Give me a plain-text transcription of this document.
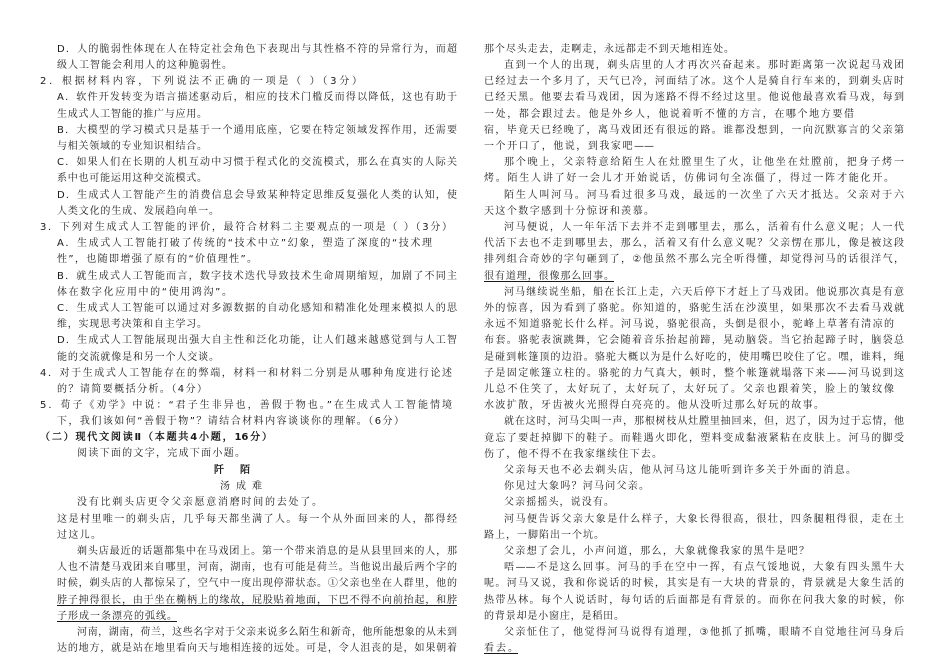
D．人的脆弱性体现在人在特定社会角色下表现出与其性格不符的异常行为，而超
级人工智能会利用人的这种脆弱性。
2．根据材料内容，下列说法不正确的一项是（ ）（3分）
A．软件开发转变为语言描述驱动后，相应的技术门槛反而得以降低，这也有助于
生成式人工智能的推广与应用。
B．大模型的学习模式只是基于一个通用底座，它要在特定领域发挥作用，还需要
与相关领域的专业知识相结合。
C．如果人们在长期的人机互动中习惯于程式化的交流模式，那么在真实的人际关
系中也可能运用这种交流模式。
D．生成式人工智能产生的消费信息会导致某种特定思维反复强化人类的认知，使
人类文化的生成、发展趋向单一。
3．下列对生成式人工智能的评价，最符合材料二主要观点的一项是（ ）（3分）
A．生成式人工智能打破了传统的“技术中立”幻象，塑造了深度的“技术理
性”，也随即增强了原有的“价值理性”。
B．就生成式人工智能而言，数字技术迭代导致技术生命周期缩短，加剧了不同主
体在数字化应用中的“使用鸿沟”。
C．生成式人工智能可以通过对多源数据的自动化感知和精准化处理来模拟人的思
维，实现思考决策和自主学习。
D．生成式人工智能展现出强大自主性和泛化功能，让人们越来越感觉到与人工智
能的交流就像是和另一个人交谈。
4．对于生成式人工智能存在的弊端，材料一和材料二分别是从哪种角度进行论述
的？请简要概括分析。（4分）
5．荀子《劝学》中说：“君子生非异也，善假于物也。”在生成式人工智能情境
下，我们该如何“善假于物”？请结合材料内容谈谈你的理解。（6分）
（二）现代文阅读Ⅱ（本题共4小题，16分）
阅读下面的文字，完成下面小题。
阡陌
汤成难
没有比剃头店更令父亲愿意消磨时间的去处了。
这是村里唯一的剃头店，几乎每天都坐满了人。每一个从外面回来的人，都得经
过这儿。
剃头店最近的话题都集中在马戏团上。第一个带来消息的是从县里回来的人，那
人也不清楚马戏团来自哪里，河南，湖南，也有可能是荷兰。当他说出最后两个字的
时候，剃头店的人都惊呆了，空气中一度出现停滞状态。①父亲也坐在人群里，他的
脖子抻得很长，由于坐在椭柄上的缘故，屁股贴着地面，下巴不得不向前抬起，和脖
子形成一条漂亮的弧线。
河南，湖南，荷兰，这些名字对于父亲来说多么陌生和新奇，他所能想象的从未到
达的地方，就是站在地里看向天与地相连接的远处。可是，令人沮丧的是，如果朝着
那个尽头走去，走啊走，永远都走不到天地相连处。
直到一个人的出现，剃头店里的人才再次兴奋起来。那时距离第一次说起马戏团
已经过去一个多月了，天气已冷，河面结了冰。这个人是骑自行车来的，到剃头店时
已经天黑。他要去看马戏团，因为迷路不得不经过这里。他说他最喜欢看马戏，每到
一处，都会跟过去。他是外乡人，他说着听不懂的方言，在哪个地方要借
宿，毕竟天已经晚了，离马戏团还有很远的路。谁都没想到，一向沉默寡言的父亲第
一个开口了，他说，到我家吧——
那个晚上，父亲特意给陌生人在灶膛里生了火，让他坐在灶膛前，把身子烤一
烤。陌生人讲了好一会儿才开始说话，仿佛词句全冻僵了，得过一阵才能化开。
陌生人叫河马。河马看过很多马戏，最远的一次坐了六天才抵达。父亲对于六
天这个数字感到十分惊讶和羡慕。
河马便说，人一年年活下去并不走到哪里去，那么，活着有什么意义呢；人一代
代活下去也不走到哪里去，那么，活着又有什么意义呢？父亲愣在那儿，像是被这段
排列组合奇妙的字句砸到了，②他虽然不那么完全听得懂，却觉得河马的话很洋气，
很有道理，很像那么回事。
河马继续说坐船，船在长江上走，六天后停下才赶上了马戏团。他说那次真是有意
外的惊喜，因为看到了骆驼。你知道的，骆驼生活在沙漠里，如果那次不去看马戏就
永远不知道骆驼长什么样。河马说，骆驼很高，头倒是很小，驼峰上草著有清凉的
布套。骆驼表演跳舞，它会随着音乐抬起前蹄，晃动脑袋。当它抬起蹄子时，脑袋总
是碰到帐篷顶的边沿。骆驼大概以为是什么好吃的，使用嘴巴咬住了它。嘿，谁料，绳
子是固定帐篷立柱的。骆驼的力气真大，顿时，整个帐篷就塌落下来——河马说到这
儿总不住笑了，太好玩了，太好玩了，太好玩了。父亲也跟着笑，脸上的皱纹像
水波扩散，牙齿被火光照得白亮亮的。他从没听过那么好玩的故事。
就在这时，河马尖叫一声，那根树枝从灶膛里抽回来，但，迟了，因为过于忘情，他
竟忘了要赶掉脚下的鞋子。而鞋遇火即化，塑料变成黏液紧粘在皮肤上。河马的脚受
伤了，他不得不在我家继续住下去。
父亲每天也不必去剃头店，他从河马这儿能听到许多关于外面的消息。
你见过大象吗？河马问父亲。
父亲摇摇头，说没有。
河马便告诉父亲大象是什么样子，大象长得很高，很壮，四条腿粗得很，走在土
路上，一脚陷出一个坑。
父亲想了会儿，小声问道，那么，大象就像我家的黑牛是吧？
唔——不是这么回事。河马的手在空中一挥，有点气馁地说，大象有四头黑牛大
呢。河马又说，我和你说话的时候，其实是有一大块的背景的，背景就是大象生活的
热带丛林。每个人说话时，每句话的后面都是有背景的。而你在问我大象的时候，你
的背景却是小窗庄，是稻田。
父亲怔住了，他觉得河马说得有道理，③他抓了抓嘴，眼睛不自觉地往河马身后
看去。
